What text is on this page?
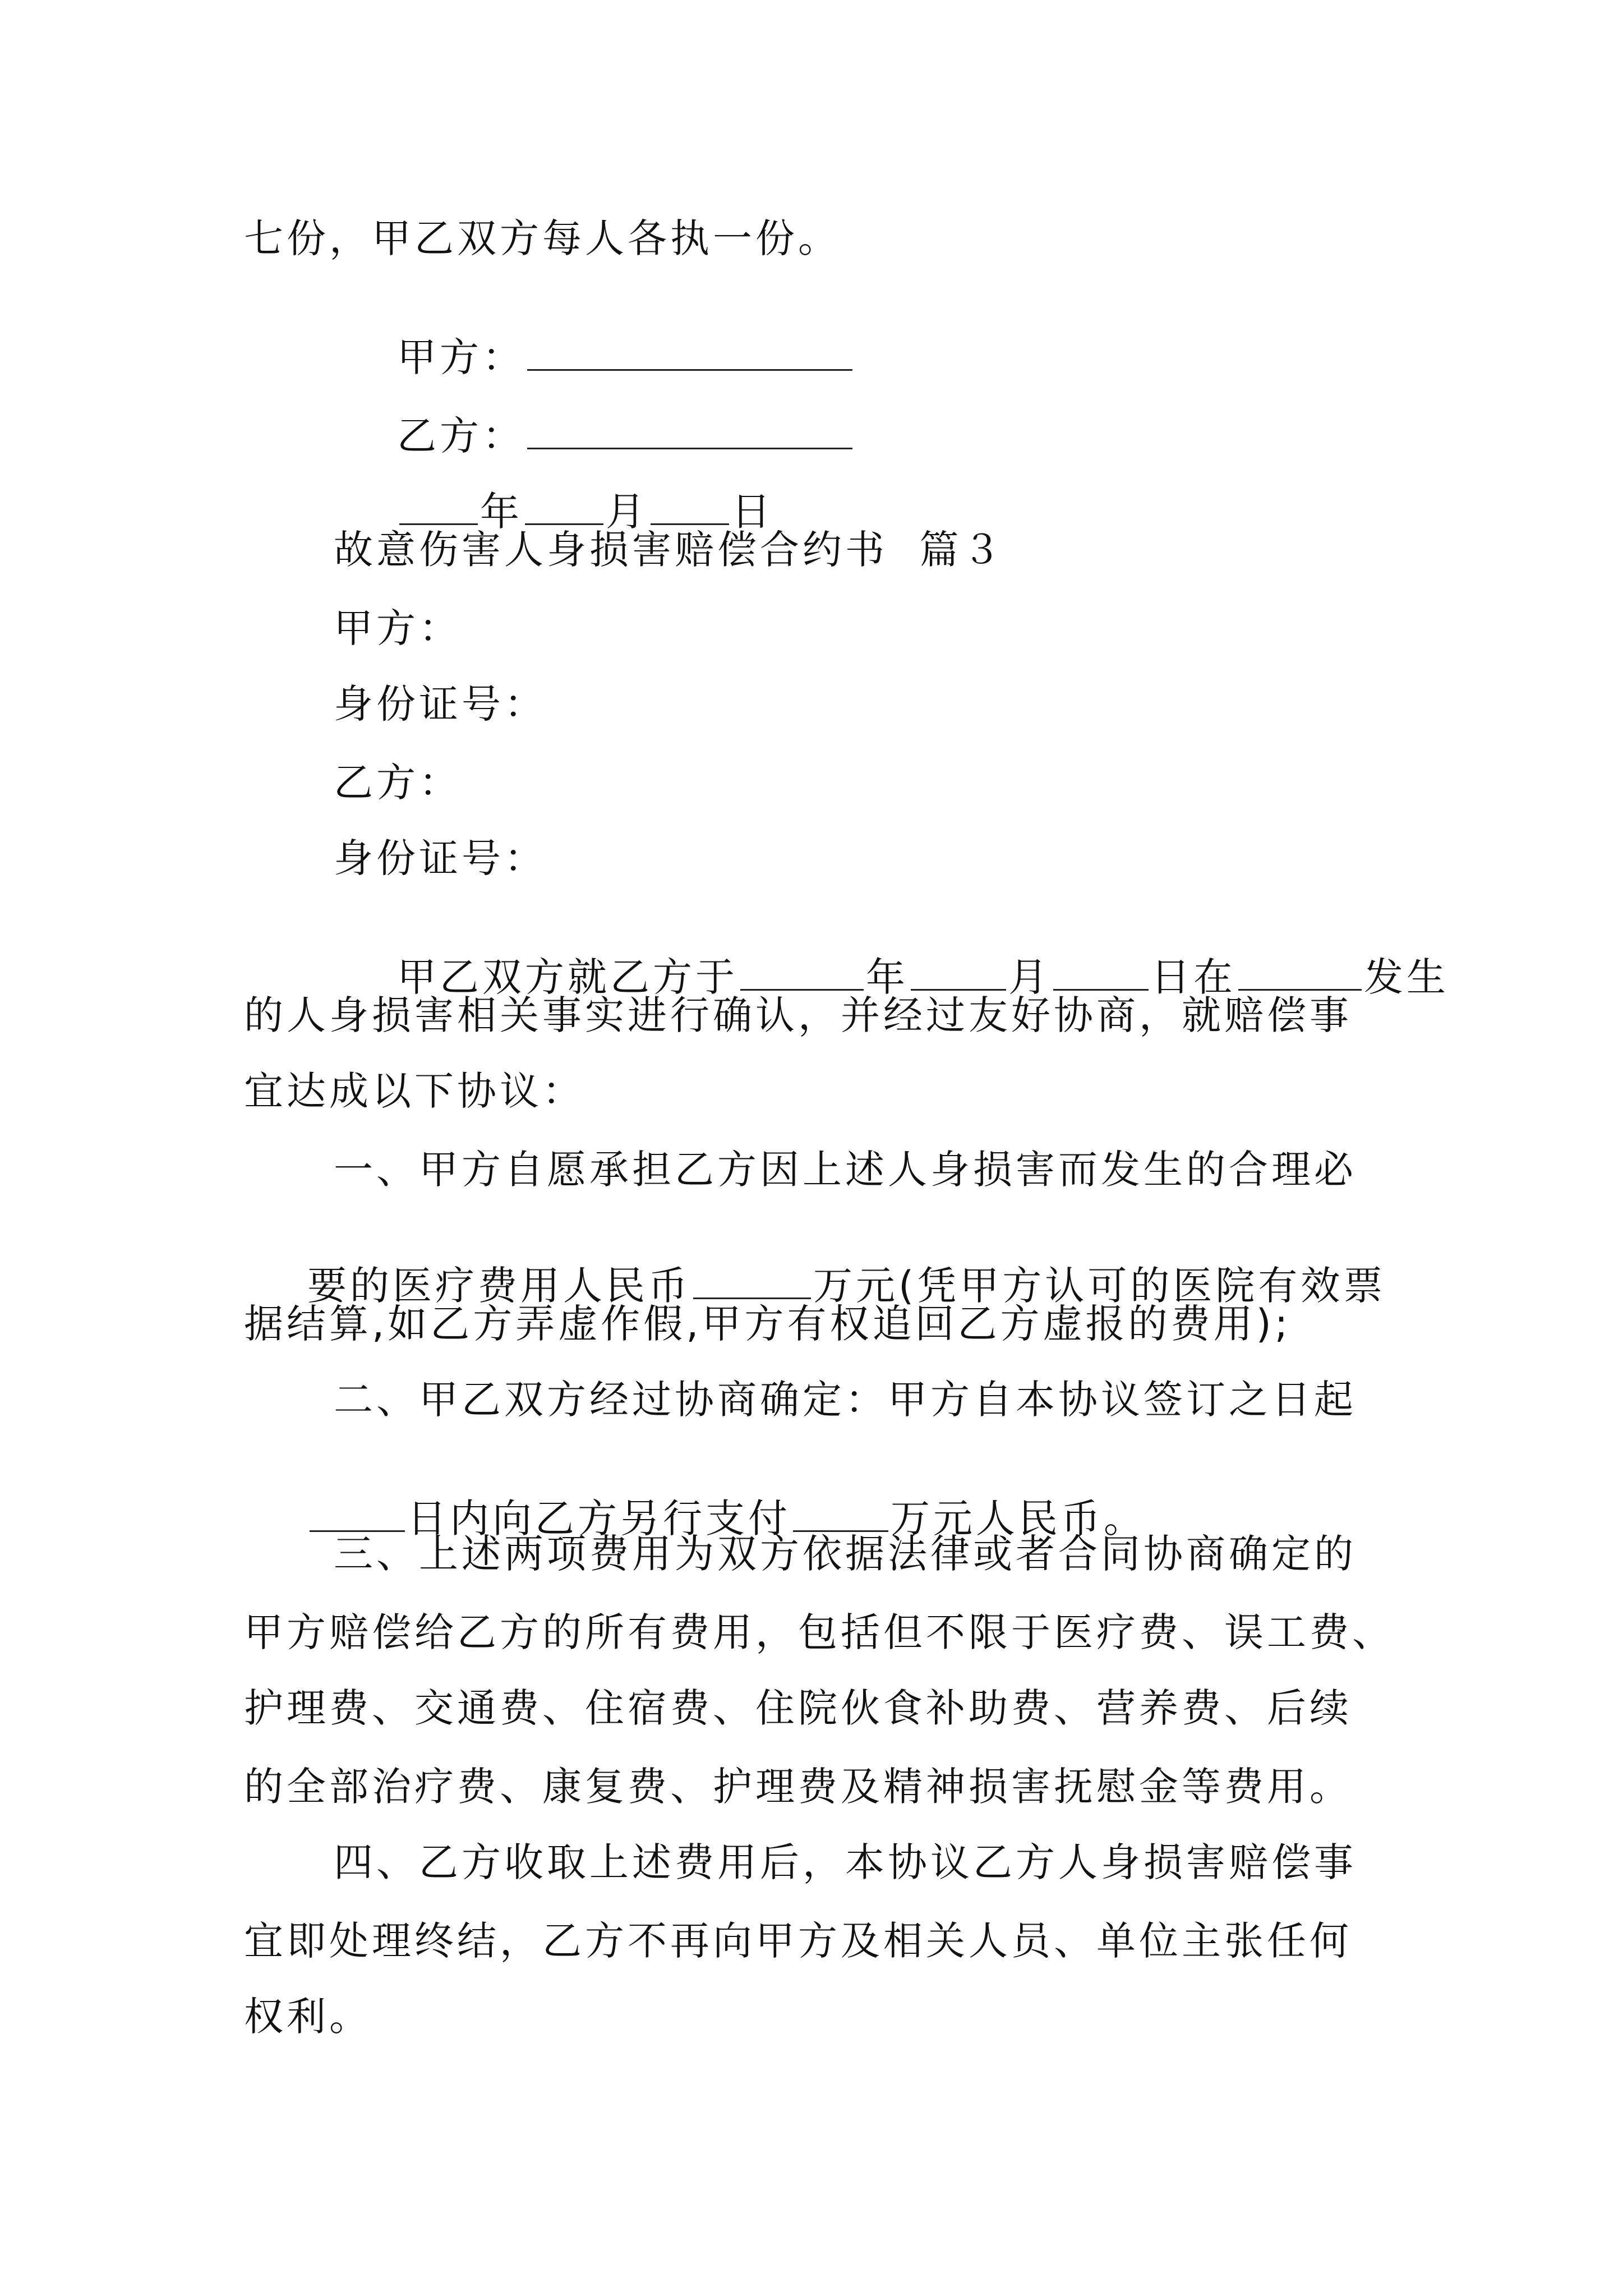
七份，甲乙双方每人各执一份。

甲方：

乙方：

年 月 日

故意伤害人身损害赔偿合约书  篇３
甲方：
身份证号：
乙方：
身份证号：

甲乙双方就乙方于	年	月	日在	发生

的人身损害相关事实进行确认，并经过友好协商，就赔偿事
宜达成以下协议：
一、甲方自愿承担乙方因上述人身损害而发生的合理必

要的医疗费用人民币	万元(凭甲方认可的医院有效票

据结算,如乙方弄虚作假,甲方有权追回乙方虚报的费用);
二、甲乙双方经过协商确定：甲方自本协议签订之日起

日内向乙方另行支付	万元人民币。

三、上述两项费用为双方依据法律或者合同协商确定的
甲方赔偿给乙方的所有费用，包括但不限于医疗费、误工费、
护理费、交通费、住宿费、住院伙食补助费、营养费、后续
的全部治疗费、康复费、护理费及精神损害抚慰金等费用。
四、乙方收取上述费用后，本协议乙方人身损害赔偿事
宜即处理终结，乙方不再向甲方及相关人员、单位主张任何
权利。
